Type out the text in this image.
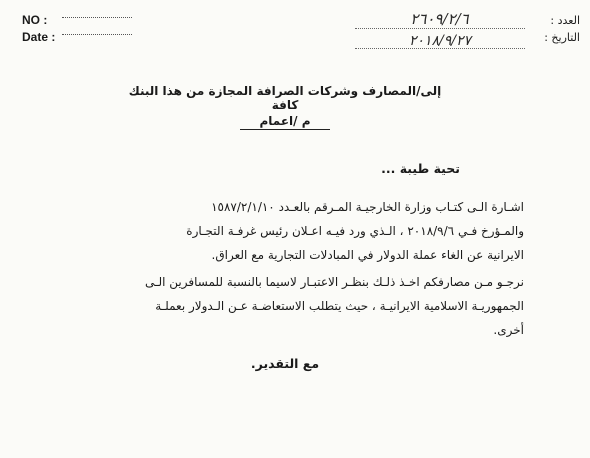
NO :
Date :
العدد :
التاريخ :
٢٦٠٩/٢/٦
٢٠١٨/٩/٢٧
إلى/المصارف وشركات الصرافة المجازة من هذا البنك كافة
م /اعمام
تحية طيبة ...
اشـارة الـى كتـاب وزارة الخارجيـة المـرقم بالعـدد ١٥٨٧/٢/١/١٠
والمـؤرخ فـي ٢٠١٨/٩/٦ ، الـذي ورد فيـه اعـلان رئيس غرفـة التجـارة
الايرانية عن الغاء عملة الدولار في المبادلات التجارية مع العراق.
نرجـو مـن مصارفكم اخـذ ذلـك بنظـر الاعتبـار لاسيما بالنسبة للمسافرين الـى
الجمهوريـة الاسلامية الايرانيـة ، حيث يتطلب الاستعاضـة عـن الـدولار بعملـة
أخرى.
مع التقدير.
